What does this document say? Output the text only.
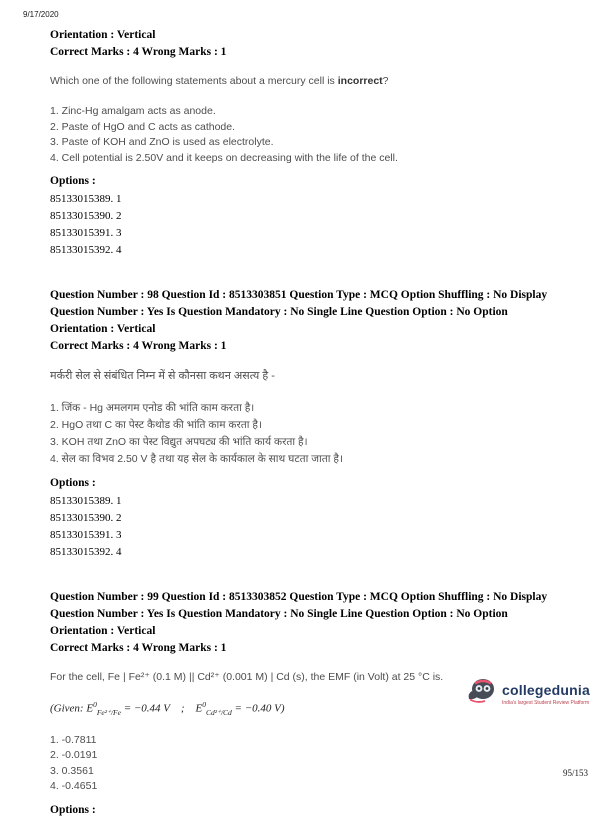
9/17/2020
Orientation : Vertical
Correct Marks : 4 Wrong Marks : 1
Which one of the following statements about a mercury cell is incorrect?
1. Zinc-Hg amalgam acts as anode.
2. Paste of HgO and C acts as cathode.
3. Paste of KOH and ZnO is used as electrolyte.
4. Cell potential is 2.50V and it keeps on decreasing with the life of the cell.
Options :
85133015389. 1
85133015390. 2
85133015391. 3
85133015392. 4
Question Number : 98 Question Id : 8513303851 Question Type : MCQ Option Shuffling : No Display
Question Number : Yes Is Question Mandatory : No Single Line Question Option : No Option
Orientation : Vertical
Correct Marks : 4 Wrong Marks : 1
मर्करी सेल से संबंधित निम्न में से कौनसा कथन असत्य है -
1. जिंक - Hg अमलगम एनोड की भांति काम करता है।
2. HgO तथा C का पेस्ट कैथोड की भांति काम करता है।
3. KOH तथा ZnO का पेस्ट विद्युत अपघट्य की भांति कार्य करता है।
4. सेल का विभव 2.50 V है तथा यह सेल के कार्यकाल के साथ घटता जाता है।
Options :
85133015389. 1
85133015390. 2
85133015391. 3
85133015392. 4
Question Number : 99 Question Id : 8513303852 Question Type : MCQ Option Shuffling : No Display
Question Number : Yes Is Question Mandatory : No Single Line Question Option : No Option
Orientation : Vertical
Correct Marks : 4 Wrong Marks : 1
For the cell, Fe | Fe²⁺ (0.1 M) || Cd²⁺ (0.001 M) | Cd (s), the EMF (in Volt) at 25 °C is.
(Given: $E^0_{Fe^{2+}/Fe} = -0.44$ V    ;    $E^0_{Cd^{2+}/Cd} = -0.40$ V)
1. -0.7811
2. -0.0191
3. 0.3561
4. -0.4651
Options :
collegedunia
India's largest Student Review Platform
95/153
